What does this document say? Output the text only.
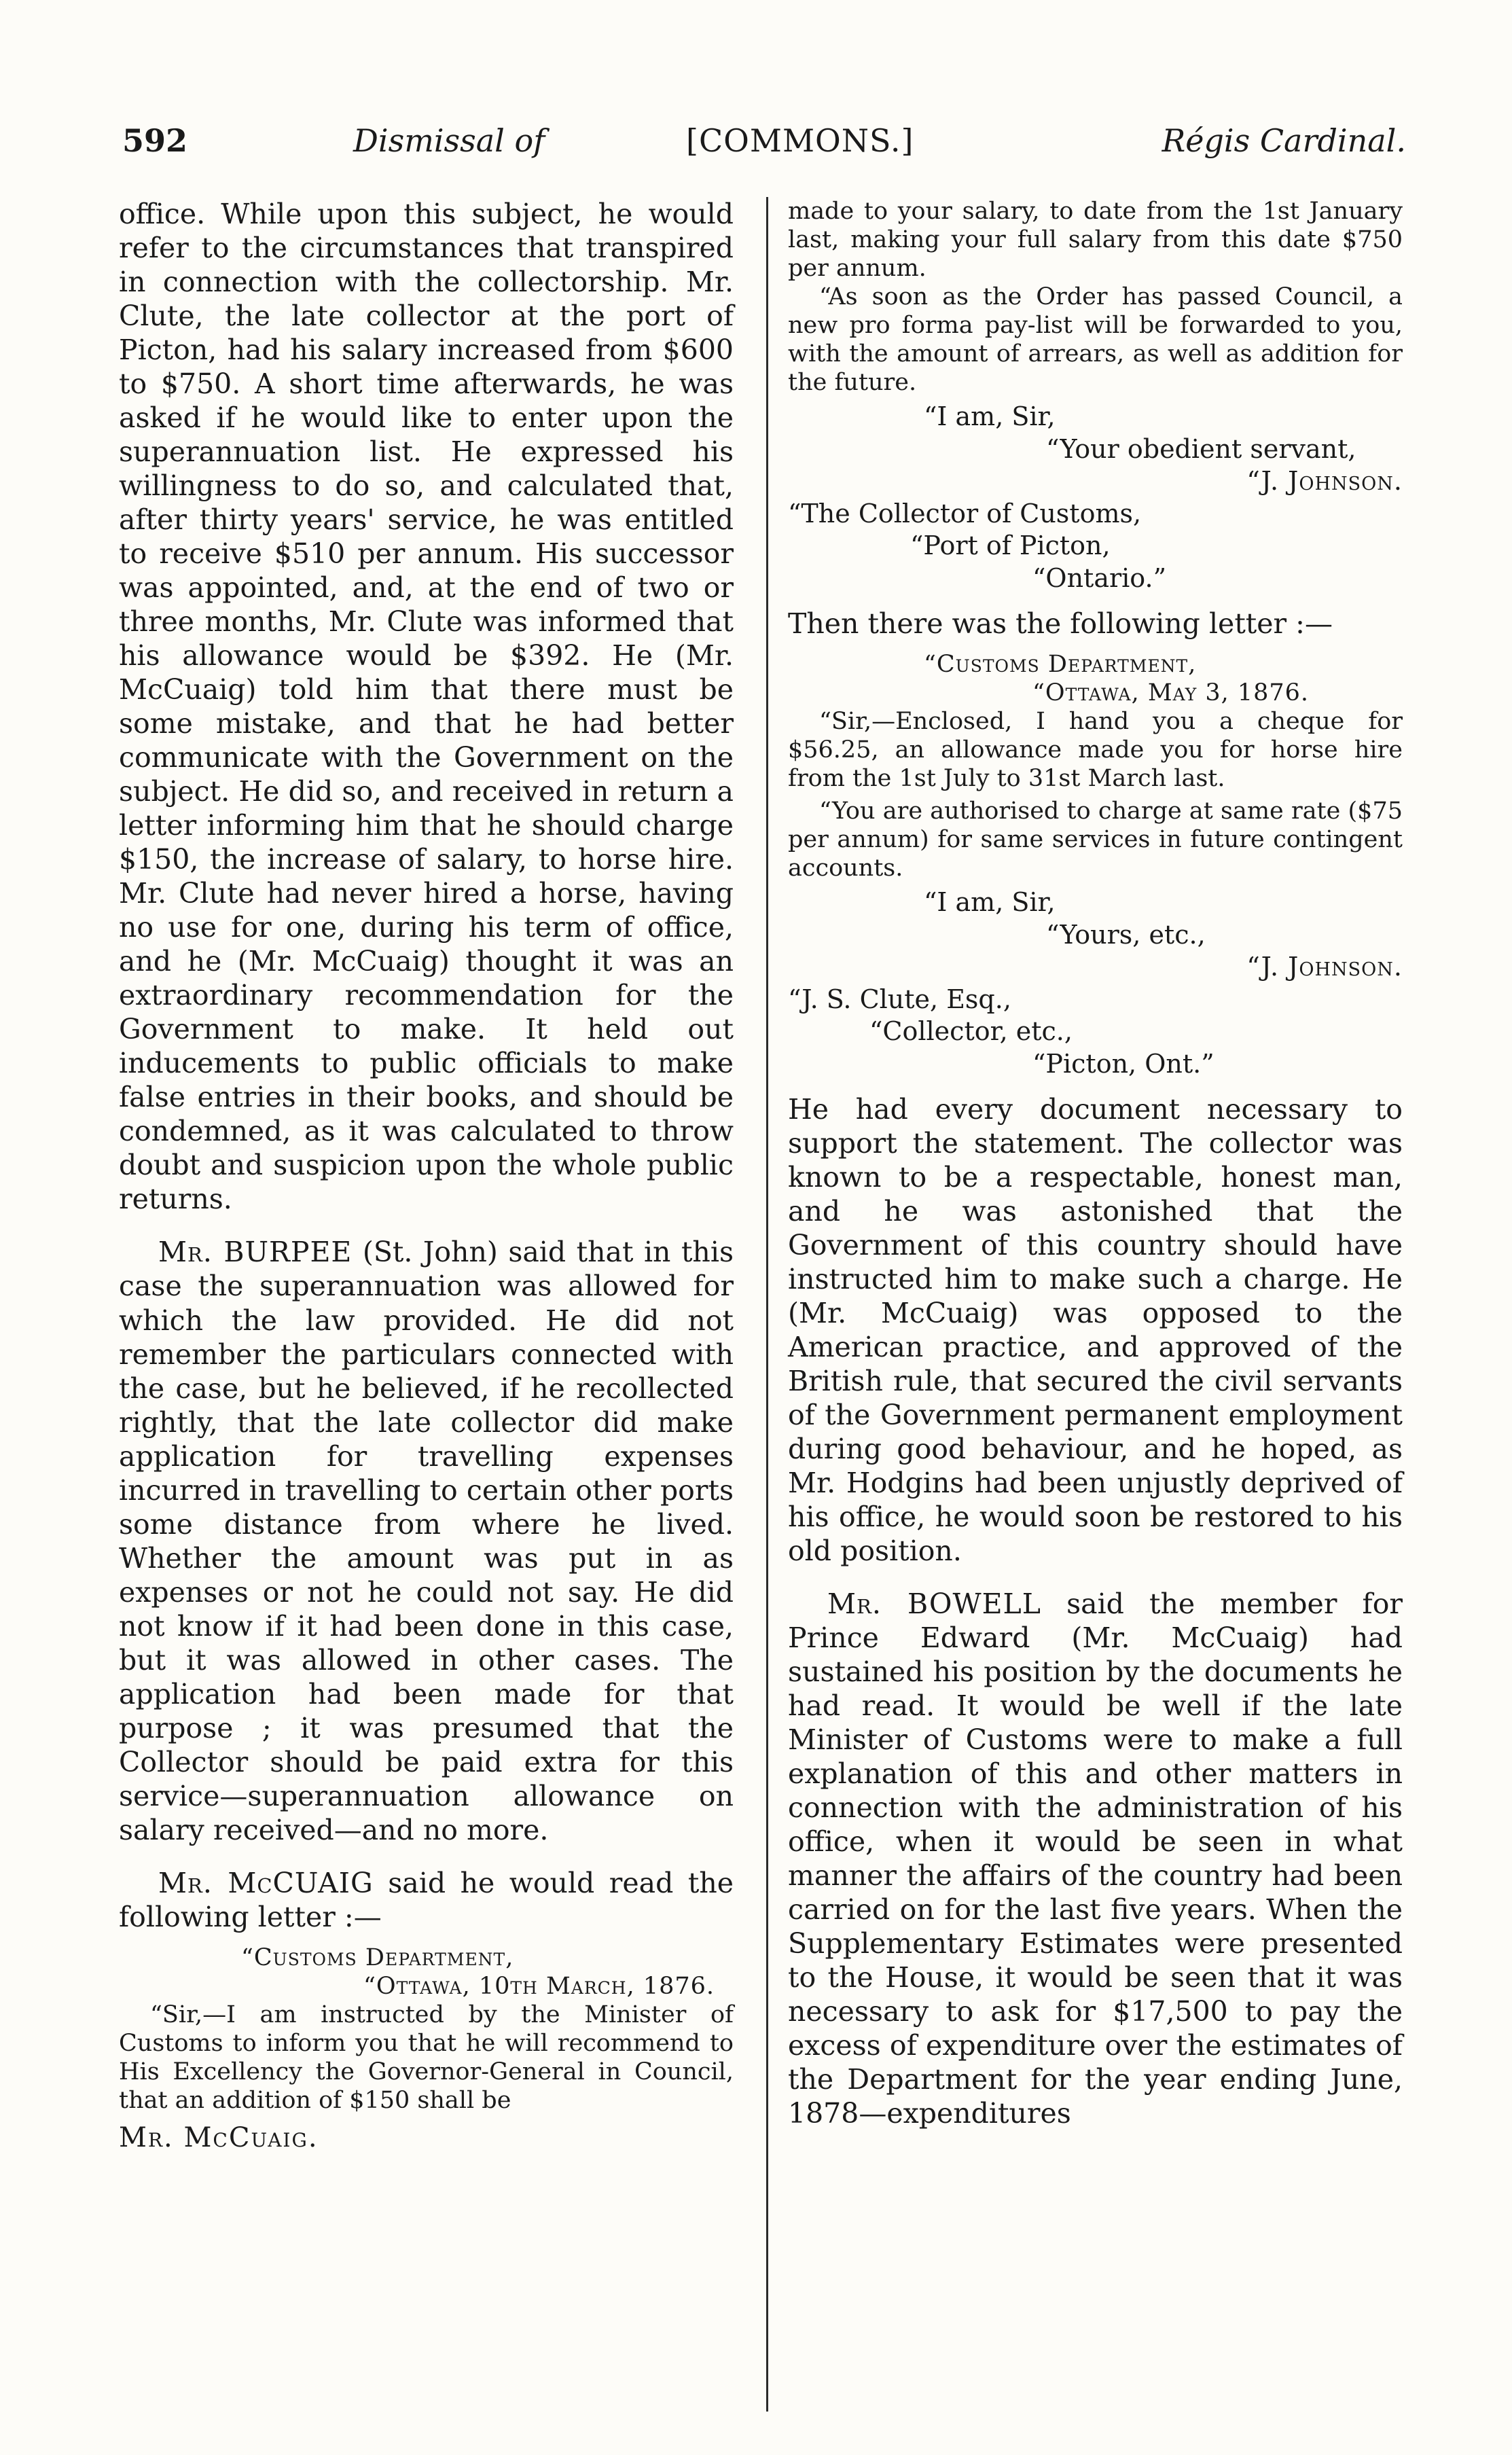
592	Dismissal of	[COMMONS.]	Régis Cardinal.

office. While upon this subject, he would refer to the circumstances that transpired in connection with the collectorship. Mr. Clute, the late collector at the port of Picton, had his salary increased from $600 to $750. A short time afterwards, he was asked if he would like to enter upon the superannuation list. He expressed his willingness to do so, and calculated that, after thirty years' service, he was entitled to receive $510 per annum. His successor was appointed, and, at the end of two or three months, Mr. Clute was informed that his allowance would be $392. He (Mr. McCuaig) told him that there must be some mistake, and that he had better communicate with the Government on the subject. He did so, and received in return a letter informing him that he should charge $150, the increase of salary, to horse hire. Mr. Clute had never hired a horse, having no use for one, during his term of office, and he (Mr. McCuaig) thought it was an extraordinary recommendation for the Government to make. It held out inducements to public officials to make false entries in their books, and should be condemned, as it was calculated to throw doubt and suspicion upon the whole public returns.

Mr. BURPEE (St. John) said that in this case the superannuation was allowed for which the law provided. He did not remember the particulars connected with the case, but he believed, if he recollected rightly, that the late collector did make application for travelling expenses incurred in travelling to certain other ports some distance from where he lived. Whether the amount was put in as expenses or not he could not say. He did not know if it had been done in this case, but it was allowed in other cases. The application had been made for that purpose ; it was presumed that the Collector should be paid extra for this service—superannuation allowance on salary received—and no more.

Mr. McCUAIG said he would read the following letter :—

“Customs Department,
“Ottawa, 10th March, 1876.

“Sir,—I am instructed by the Minister of Customs to inform you that he will recommend to His Excellency the Governor-General in Council, that an addition of $150 shall be

Mr. McCuaig.
made to your salary, to date from the 1st January last, making your full salary from this date $750 per annum.

“As soon as the Order has passed Council, a new pro forma pay-list will be forwarded to you, with the amount of arrears, as well as addition for the future.

“I am, Sir,
“Your obedient servant,
“J. Johnson.
“The Collector of Customs,
“Port of Picton,
“Ontario.”

Then there was the following letter :—

“Customs Department,
“Ottawa, May 3, 1876.

“Sir,—Enclosed, I hand you a cheque for $56.25, an allowance made you for horse hire from the 1st July to 31st March last.

“You are authorised to charge at same rate ($75 per annum) for same services in future contingent accounts.

“I am, Sir,
“Yours, etc.,
“J. Johnson.
“J. S. Clute, Esq.,
“Collector, etc.,
“Picton, Ont.”

He had every document necessary to support the statement. The collector was known to be a respectable, honest man, and he was astonished that the Government of this country should have instructed him to make such a charge. He (Mr. McCuaig) was opposed to the American practice, and approved of the British rule, that secured the civil servants of the Government permanent employment during good behaviour, and he hoped, as Mr. Hodgins had been unjustly deprived of his office, he would soon be restored to his old position.

Mr. BOWELL said the member for Prince Edward (Mr. McCuaig) had sustained his position by the documents he had read. It would be well if the late Minister of Customs were to make a full explanation of this and other matters in connection with the administration of his office, when it would be seen in what manner the affairs of the country had been carried on for the last five years. When the Supplementary Estimates were presented to the House, it would be seen that it was necessary to ask for $17,500 to pay the excess of expenditure over the estimates of the Department for the year ending June, 1878—expenditures
